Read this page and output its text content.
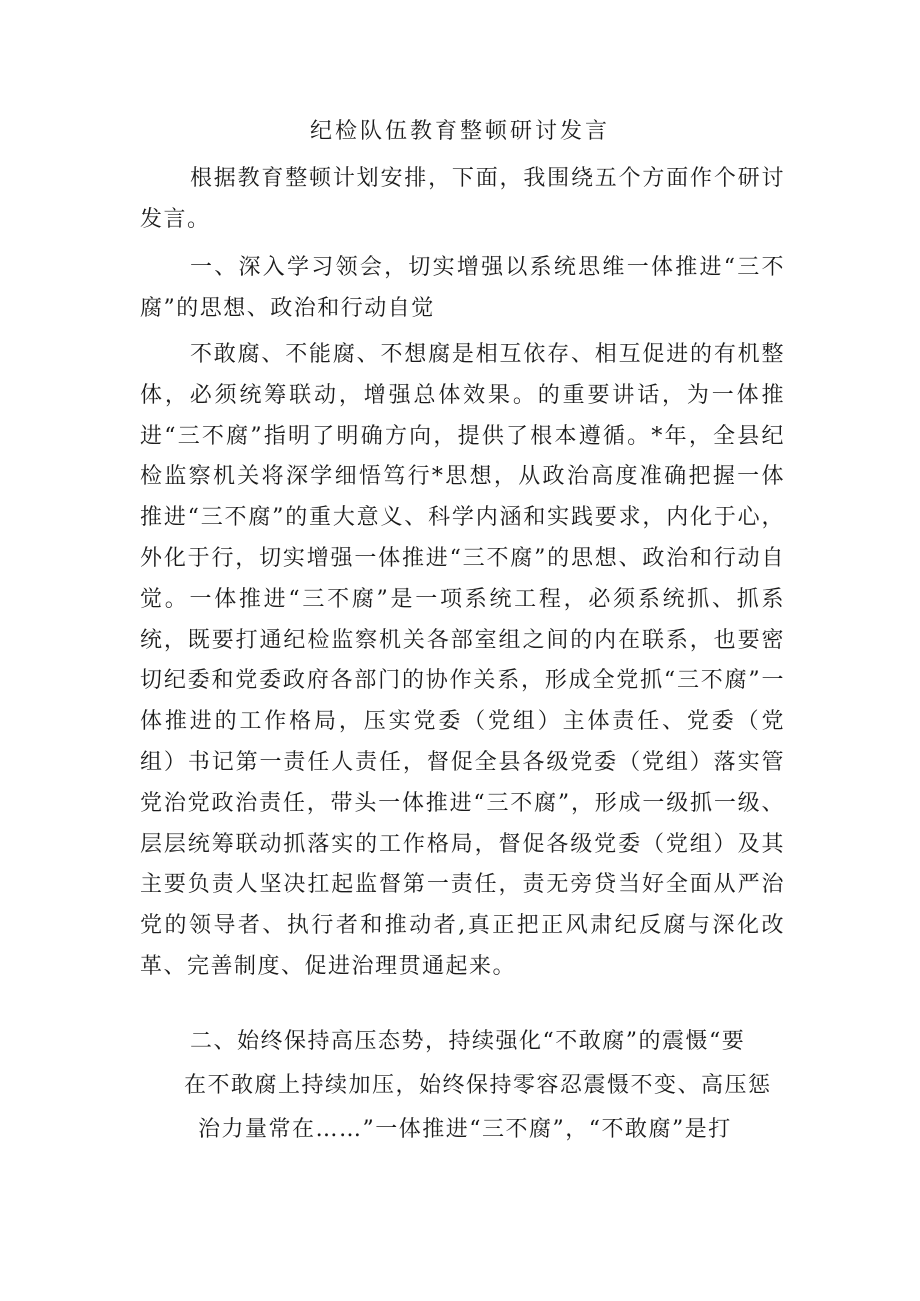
纪检队伍教育整顿研讨发言

根据教育整顿计划安排，下面，我围绕五个方面作个研讨发言。

一、深入学习领会，切实增强以系统思维一体推进“三不腐”的思想、政治和行动自觉

不敢腐、不能腐、不想腐是相互依存、相互促进的有机整体，必须统筹联动，增强总体效果。的重要讲话，为一体推进“三不腐”指明了明确方向，提供了根本遵循。*年，全县纪检监察机关将深学细悟笃行*思想，从政治高度准确把握一体推进“三不腐”的重大意义、科学内涵和实践要求，内化于心，外化于行，切实增强一体推进“三不腐”的思想、政治和行动自觉。一体推进“三不腐”是一项系统工程，必须系统抓、抓系统，既要打通纪检监察机关各部室组之间的内在联系，也要密切纪委和党委政府各部门的协作关系，形成全党抓“三不腐”一体推进的工作格局，压实党委（党组）主体责任、党委（党组）书记第一责任人责任，督促全县各级党委（党组）落实管党治党政治责任，带头一体推进“三不腐”，形成一级抓一级、层层统筹联动抓落实的工作格局，督促各级党委（党组）及其主要负责人坚决扛起监督第一责任，责无旁贷当好全面从严治党的领导者、执行者和推动者,真正把正风肃纪反腐与深化改革、完善制度、促进治理贯通起来。

二、始终保持高压态势，持续强化“不敢腐”的震慑“要
在不敢腐上持续加压，始终保持零容忍震慑不变、高压惩
治力量常在……”一体推进“三不腐”，“不敢腐”是打
